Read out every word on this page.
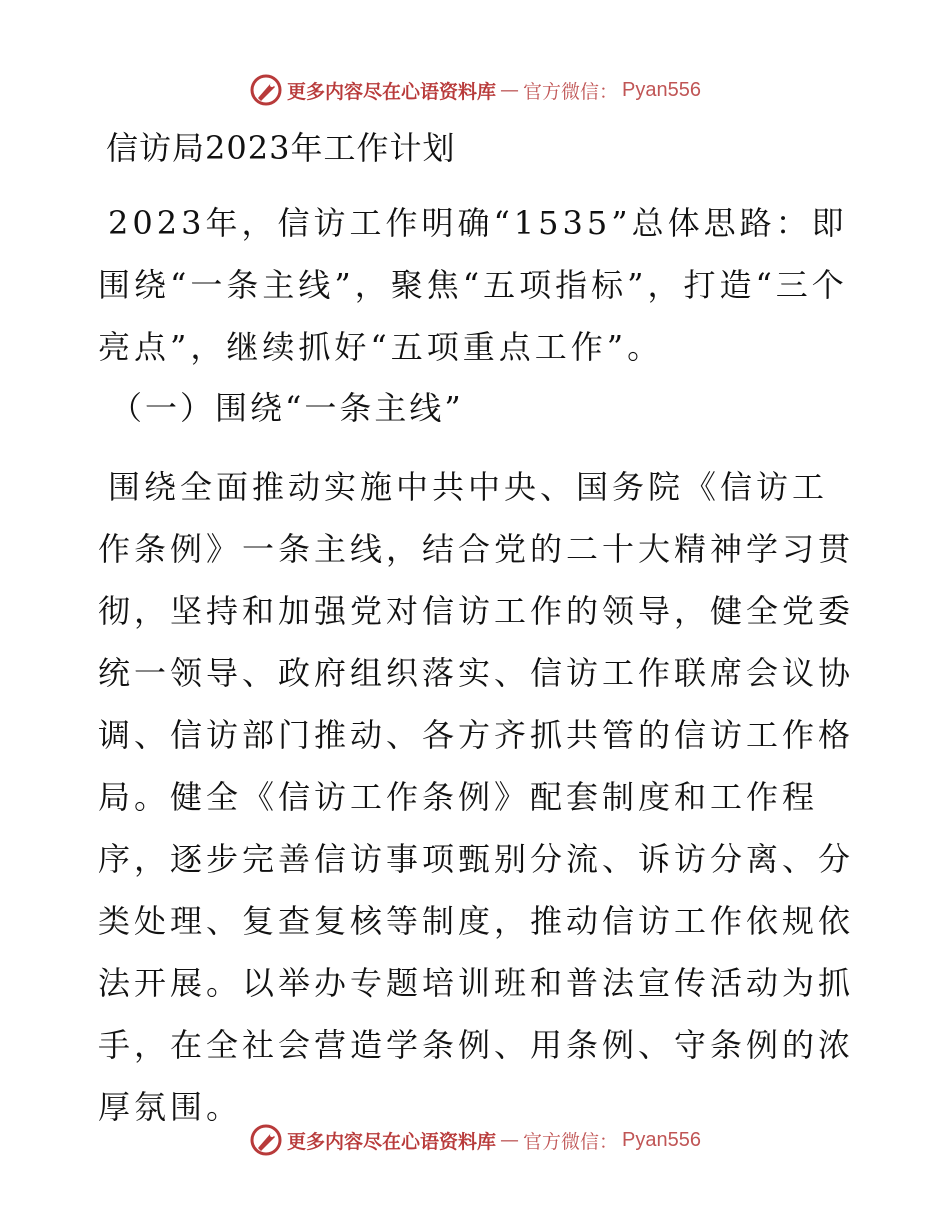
更多内容尽在心语资料库 — 官方微信： Pyan556
信访局2023年工作计划

2023年，信访工作明确“1535”总体思路：即围绕“一条主线”，聚焦“五项指标”，打造“三个亮点”，继续抓好“五项重点工作”。

（一）围绕“一条主线”

围绕全面推动实施中共中央、国务院《信访工作条例》一条主线，结合党的二十大精神学习贯彻，坚持和加强党对信访工作的领导，健全党委统一领导、政府组织落实、信访工作联席会议协调、信访部门推动、各方齐抓共管的信访工作格局。健全《信访工作条例》配套制度和工作程序，逐步完善信访事项甄别分流、诉访分离、分类处理、复查复核等制度，推动信访工作依规依法开展。以举办专题培训班和普法宣传活动为抓手，在全社会营造学条例、用条例、守条例的浓厚氛围。

更多内容尽在心语资料库 — 官方微信： Pyan556
